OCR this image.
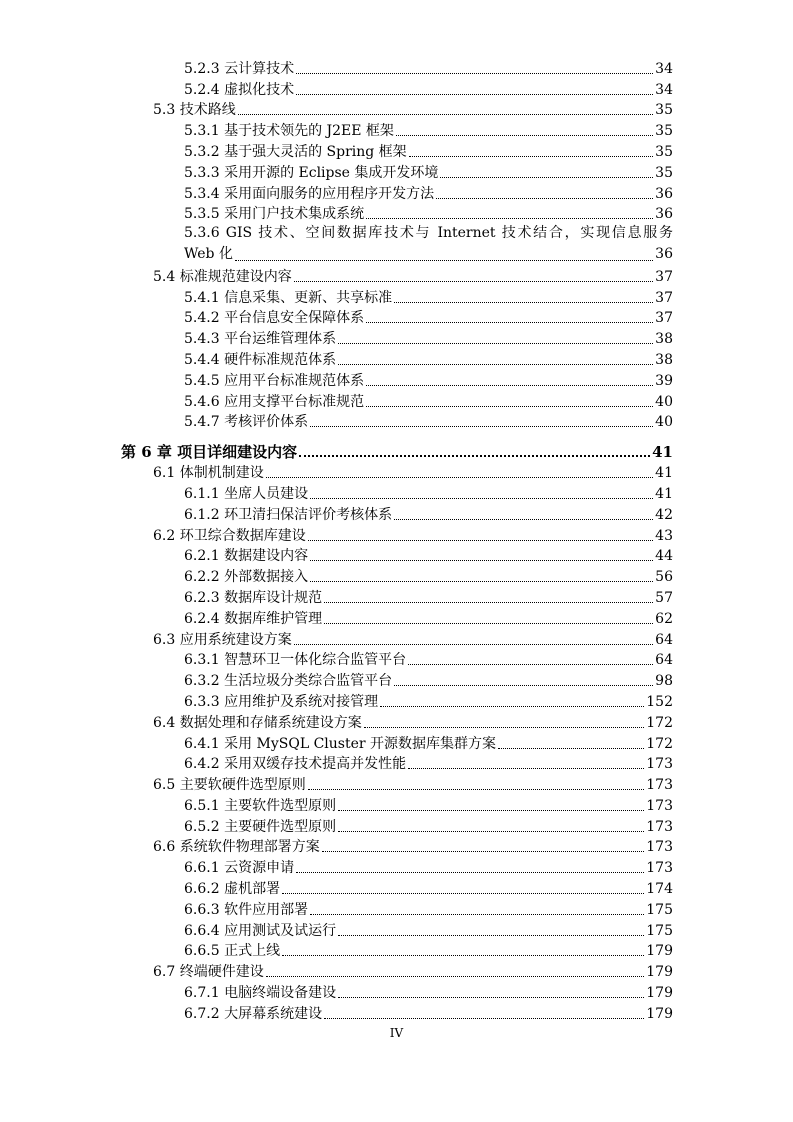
5.2.3 云计算技术	34
5.2.4 虚拟化技术	34
5.3 技术路线	35
5.3.1 基于技术领先的 J2EE 框架	35
5.3.2 基于强大灵活的 Spring 框架	35
5.3.3 采用开源的 Eclipse 集成开发环境	35
5.3.4 采用面向服务的应用程序开发方法	36
5.3.5 采用门户技术集成系统	36
5.3.6 GIS 技术、空间数据库技术与 Internet 技术结合，实现信息服务
Web 化	36
5.4 标准规范建设内容	37
5.4.1 信息采集、更新、共享标准	37
5.4.2 平台信息安全保障体系	37
5.4.3 平台运维管理体系	38
5.4.4 硬件标准规范体系	38
5.4.5 应用平台标准规范体系	39
5.4.6 应用支撑平台标准规范	40
5.4.7 考核评价体系	40
第 6 章 项目详细建设内容	41
6.1 体制机制建设	41
6.1.1 坐席人员建设	41
6.1.2 环卫清扫保洁评价考核体系	42
6.2 环卫综合数据库建设	43
6.2.1 数据建设内容	44
6.2.2 外部数据接入	56
6.2.3 数据库设计规范	57
6.2.4 数据库维护管理	62
6.3 应用系统建设方案	64
6.3.1 智慧环卫一体化综合监管平台	64
6.3.2 生活垃圾分类综合监管平台	98
6.3.3 应用维护及系统对接管理	152
6.4 数据处理和存储系统建设方案	172
6.4.1 采用 MySQL Cluster 开源数据库集群方案	172
6.4.2 采用双缓存技术提高并发性能	173
6.5 主要软硬件选型原则	173
6.5.1 主要软件选型原则	173
6.5.2 主要硬件选型原则	173
6.6 系统软件物理部署方案	173
6.6.1 云资源申请	173
6.6.2 虚机部署	174
6.6.3 软件应用部署	175
6.6.4 应用测试及试运行	175
6.6.5 正式上线	179
6.7 终端硬件建设	179
6.7.1 电脑终端设备建设	179
6.7.2 大屏幕系统建设	179
IV
